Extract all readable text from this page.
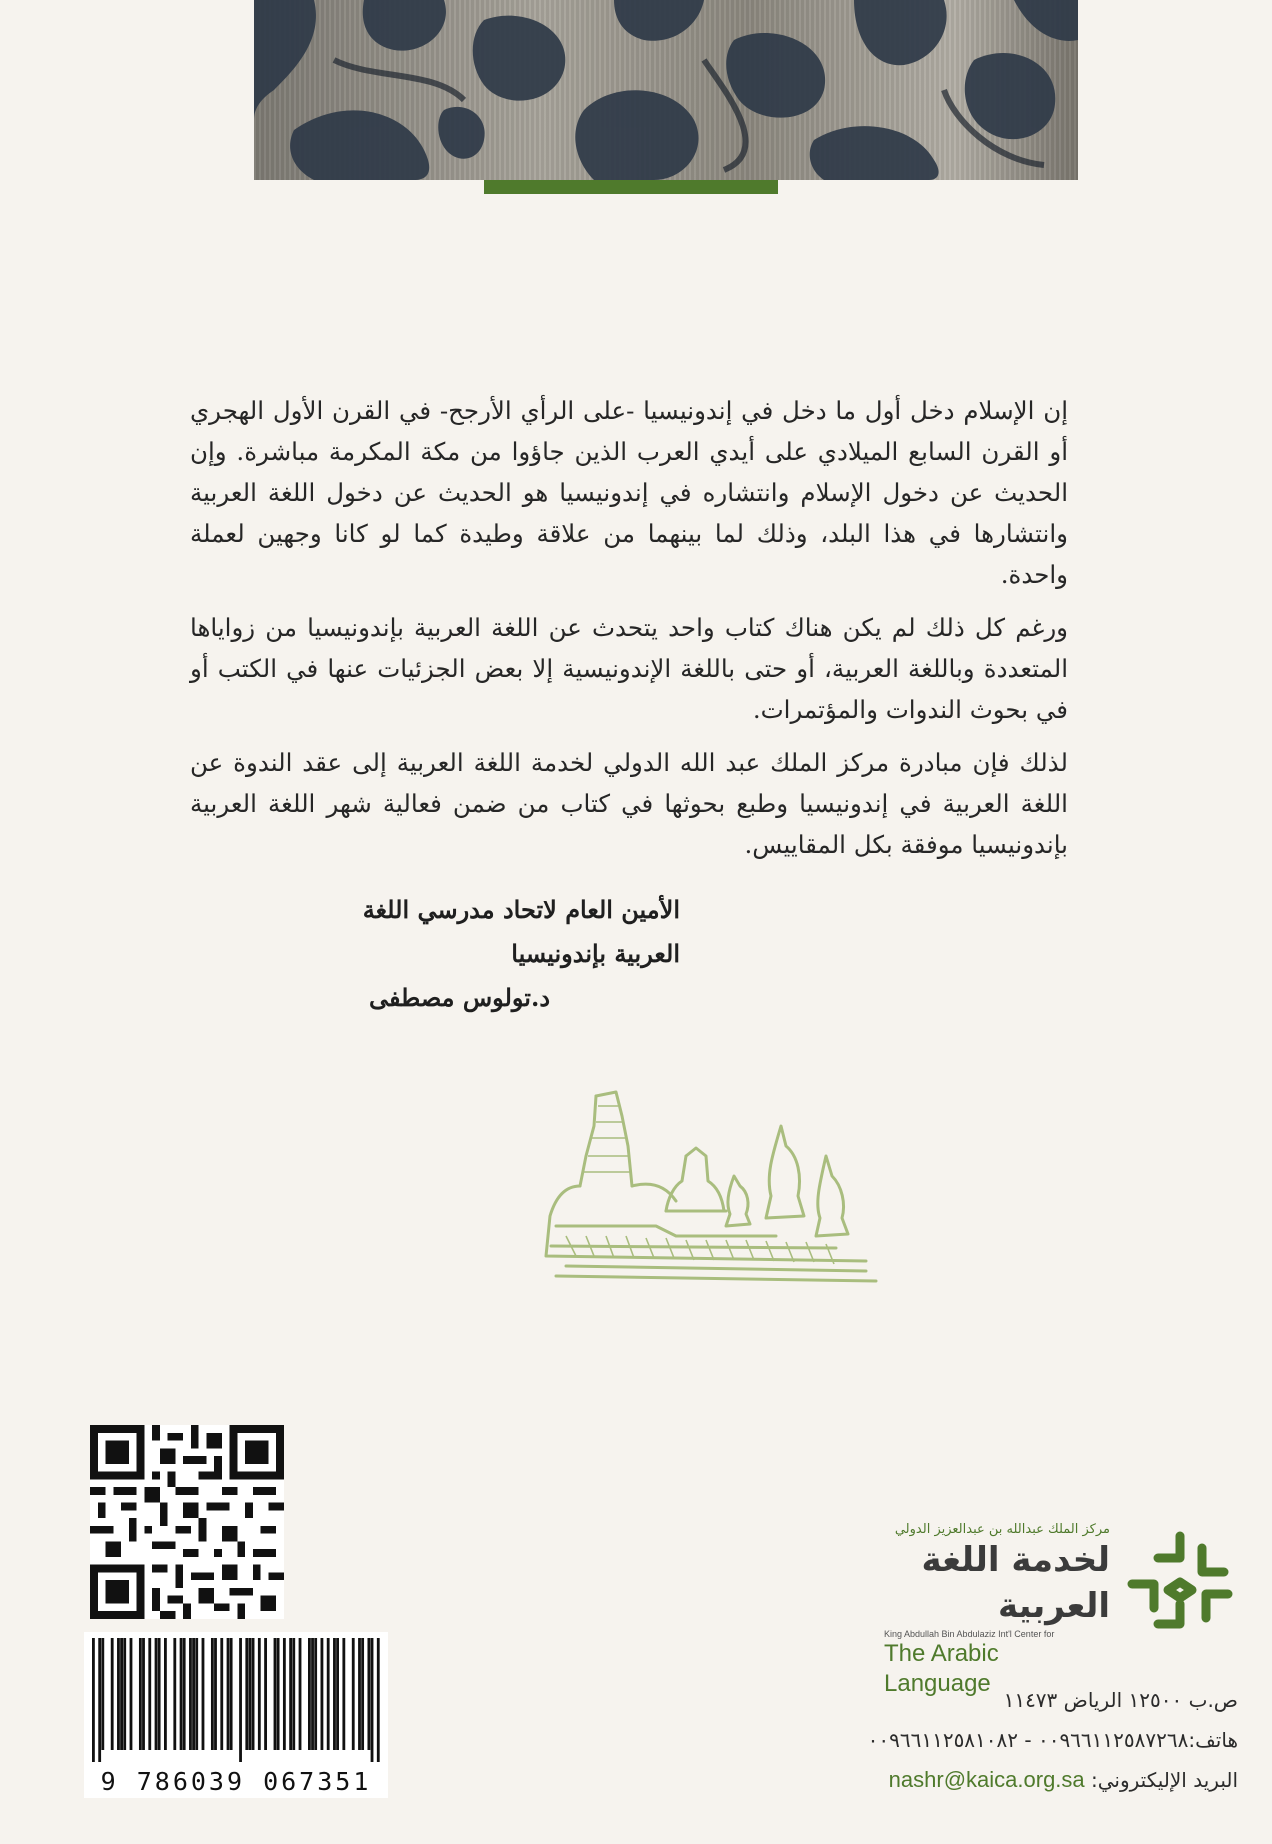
إن الإسلام دخل أول ما دخل في إندونيسيا -على الرأي الأرجح- في القرن الأول الهجري أو القرن السابع الميلادي على أيدي العرب الذين جاؤوا من مكة المكرمة مباشرة. وإن الحديث عن دخول الإسلام وانتشاره في إندونيسيا هو الحديث عن دخول اللغة العربية وانتشارها في هذا البلد، وذلك لما بينهما من علاقة وطيدة كما لو كانا وجهين لعملة واحدة.

ورغم كل ذلك لم يكن هناك كتاب واحد يتحدث عن اللغة العربية بإندونيسيا من زواياها المتعددة وباللغة العربية، أو حتى باللغة الإندونيسية إلا بعض الجزئيات عنها في الكتب أو في بحوث الندوات والمؤتمرات.

لذلك فإن مبادرة مركز الملك عبد الله الدولي لخدمة اللغة العربية إلى عقد الندوة عن اللغة العربية في إندونيسيا وطبع بحوثها في كتاب من ضمن فعالية شهر اللغة العربية بإندونيسيا موفقة بكل المقاييس.

الأمين العام لاتحاد مدرسي اللغة العربية بإندونيسيا
د.تولوس مصطفى
9 786039 067351
مركز الملك عبدالله بن عبدالعزيز الدولي
لخدمة اللغة العربية
King Abdullah Bin Abdulaziz Int'l Center for
The Arabic Language
ص.ب ١٢٥٠٠ الرياض ١١٤٧٣
هاتف:٠٠٩٦٦١١٢٥٨٧٢٦٨ - ٠٠٩٦٦١١٢٥٨١٠٨٢
البريد الإليكتروني: nashr@kaica.org.sa
